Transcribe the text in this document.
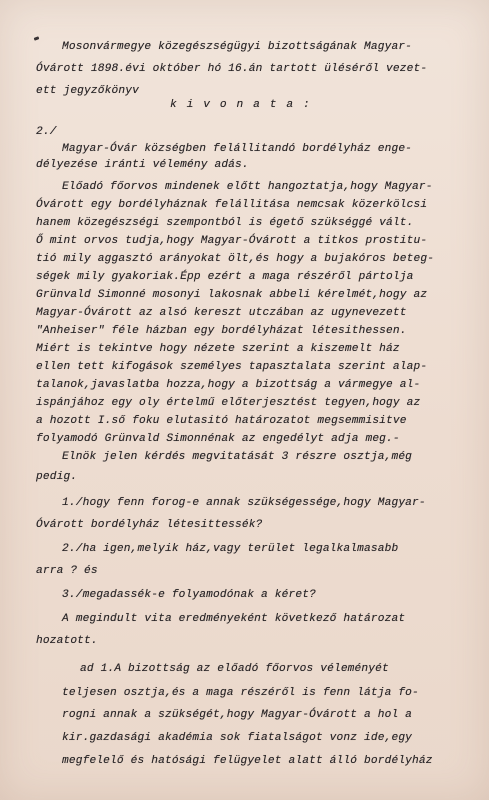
Mosonvármegye közegészségügyi bizottságának Magyar-
Óvárott 1898.évi október hó 16.án tartott üléséről vezet-
ett jegyzőkönyv
k i v o n a t a :
2./
Magyar-Óvár községben felállitandó bordélyház enge-
délyezése iránti vélemény adás.
Előadó főorvos mindenek előtt hangoztatja,hogy Magyar-
Óvárott egy bordélyháznak felállitása nemcsak közerkölcsi
hanem közegészségi szempontból is égető szükséggé vált.
Ő mint orvos tudja,hogy Magyar-Óvárott a titkos prostitu-
tió mily aggasztó arányokat ölt,és hogy a bujakóros beteg-
ségek mily gyakoriak.Épp ezért a maga részéről pártolja
Grünvald Simonné mosonyi lakosnak abbeli kérelmét,hogy az
Magyar-Óvárott az alsó kereszt utczában az ugynevezett
"Anheiser" féle házban egy bordélyházat létesithessen.
Miért is tekintve hogy nézete szerint a kiszemelt ház
ellen tett kifogások személyes tapasztalata szerint alap-
talanok,javaslatba hozza,hogy a bizottság a vármegye al-
ispánjához egy oly értelmű előterjesztést tegyen,hogy az
a hozott I.ső foku elutasitó határozatot megsemmisitve
folyamodó Grünvald Simonnénak az engedélyt adja meg.-
Elnök jelen kérdés megvitatását 3 részre osztja,még
pedig.
1./hogy fenn forog-e annak szükségessége,hogy Magyar-
Óvárott bordélyház létesittessék?
2./ha igen,melyik ház,vagy terület legalkalmasabb
arra ? és
3./megadassék-e folyamodónak a kéret?
A megindult vita eredményeként következő határozat
hozatott.
ad 1.A bizottság az előadó főorvos véleményét
teljesen osztja,és a maga részéről is fenn látja fo-
rogni annak a szükségét,hogy Magyar-Óvárott a hol a
kir.gazdasági akadémia sok fiatalságot vonz ide,egy
megfelelő és hatósági felügyelet alatt álló bordélyház
